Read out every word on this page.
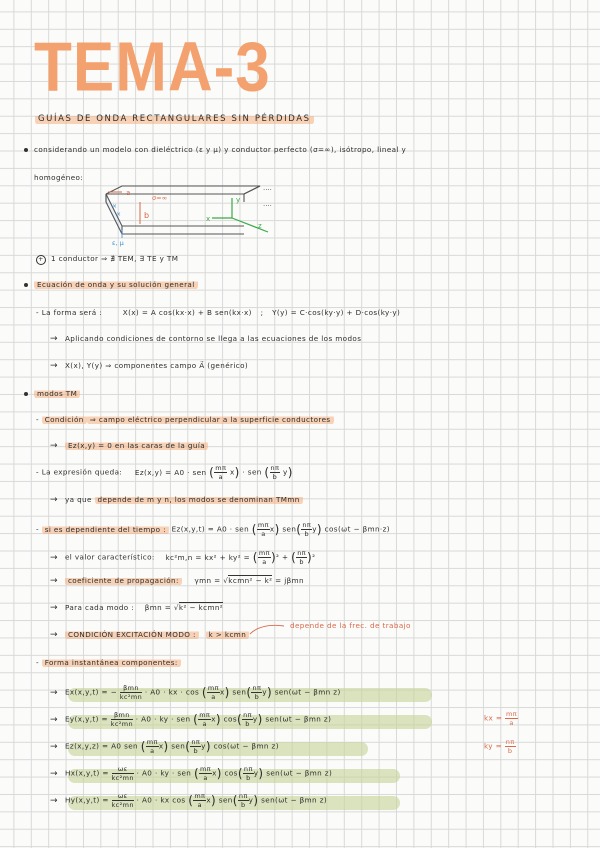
TEMA-3
GUÍAS DE ONDA RECTANGULARES SIN PÉRDIDAS
considerando un modelo con dieléctrico (ε y μ) y conductor perfecto (σ=∞), isótropo, lineal y
homogéneo:
....
....
a
b
σ=∞
×
×
ε, μ
x
y
z
+ 1 conductor ⇒ ∄ TEM, ∃ TE y TM
Ecuación de onda y su solución general
- La forma será :	X(x) = A cos(kx·x) + B sen(kx·x) ; Y(y) = C·cos(ky·y) + D·cos(ky·y)
→ Aplicando condiciones de contorno se llega a las ecuaciones de los modos
→ X(x), Y(y) ⇒ componentes campo A⃗ (genérico)
modos TM
- Condición ⇒ campo eléctrico perpendicular a la superficie conductores
→ Ez(x,y) = 0 en las caras de la guía
- La expresión queda: Ez(x,y) = A0 · sen ( $\frac{m\pi}{a} x$) · sen ( $\frac{n\pi}{b} y$)
→ ya que depende de m y n, los modos se denominan TMmn
- si es dependiente del tiempo : Ez(x,y,t) = A0 · sen ( $\frac{m\pi}{a} x$) $sen( \frac{n\pi}{b} y)$ cos(ωt − βmn·z)
→ el valor característico: kc²m,n = kx² + ky² = ( $\frac{m\pi}{a} )^2$ + ( $\frac{n\pi}{b} )^2$
→ coeficiente de propagación: γmn = √kcmn² − k² = jβmn
→ Para cada modo : βmn = √k² − kcmn²
→ CONDICIÓN EXCITACIÓN MODO : k > kcmn
depende de la frec. de trabajo
- Forma instantánea componentes:
→ Ex(x,y,t) = − $\frac{\text{βmn}}{\text{kc²mn}} \cdot A0$ · kx · cos ( $\frac{m\pi}{a} x$) $sen( \frac{n\pi}{b} y)$ sen(ωt − βmn z)
→ $Ey(x,y,t) = \frac{\text{βmn}}{\text{kc²mn}} \cdot A0$ · ky · sen ( $\frac{m\pi}{a} x$) $\cos( \frac{n\pi}{b} y)$ sen(ωt − βmn z)
→ Ez(x,y,z) = A0 sen ( $\frac{m\pi}{a} x$) $sen( \frac{n\pi}{b} y)$ cos(ωt − βmn z)
→ $Hx(x,y,t) = \frac{\omega\varepsilon}{\text{kc²mn}} \cdot A0$ · ky · sen ( $\frac{m\pi}{a} x$) $\cos( \frac{n\pi}{b} y)$ sen(ωt − βmn z)
→ $Hy(x,y,t) = \frac{\omega\varepsilon}{\text{kc²mn}} \cdot A0$ · kx cos ( $\frac{m\pi}{a} x$) $sen( \frac{n\pi}{b} y)$ sen(ωt − βmn z)
kx = $\frac{m\pi}{a}$
ky = $\frac{n\pi}{b}$
